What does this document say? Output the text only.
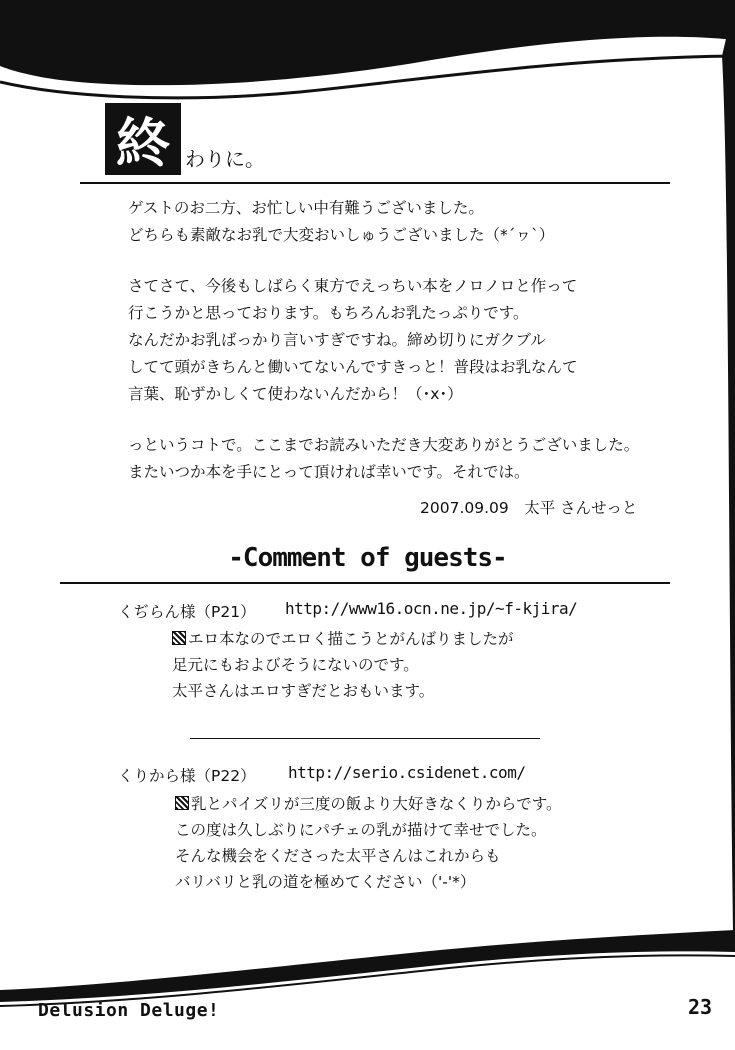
終 わりに。
ゲストのお二方、お忙しい中有難うございました。
どちらも素敵なお乳で大変おいしゅうございました（*´ヮ`）
さてさて、今後もしばらく東方でえっちい本をノロノロと作って
行こうかと思っております。もちろんお乳たっぷりです。
なんだかお乳ばっかり言いすぎですね。締め切りにガクブル
してて頭がきちんと働いてないんですきっと！普段はお乳なんて
言葉、恥ずかしくて使わないんだから！（･x･）
っというコトで。ここまでお読みいただき大変ありがとうございました。
またいつか本を手にとって頂ければ幸いです。それでは。
2007.09.09　太平 さんせっと
-Comment of guests-
くぢらん様（P21） http://www16.ocn.ne.jp/~f-kjira/
エロ本なのでエロく描こうとがんばりましたが
足元にもおよびそうにないのです。
太平さんはエロすぎだとおもいます。
くりから様（P22） http://serio.csidenet.com/
乳とパイズリが三度の飯より大好きなくりからです。
この度は久しぶりにパチェの乳が描けて幸せでした。
そんな機会をくださった太平さんはこれからも
バリバリと乳の道を極めてください（'-'*）
Delusion Deluge!	23
